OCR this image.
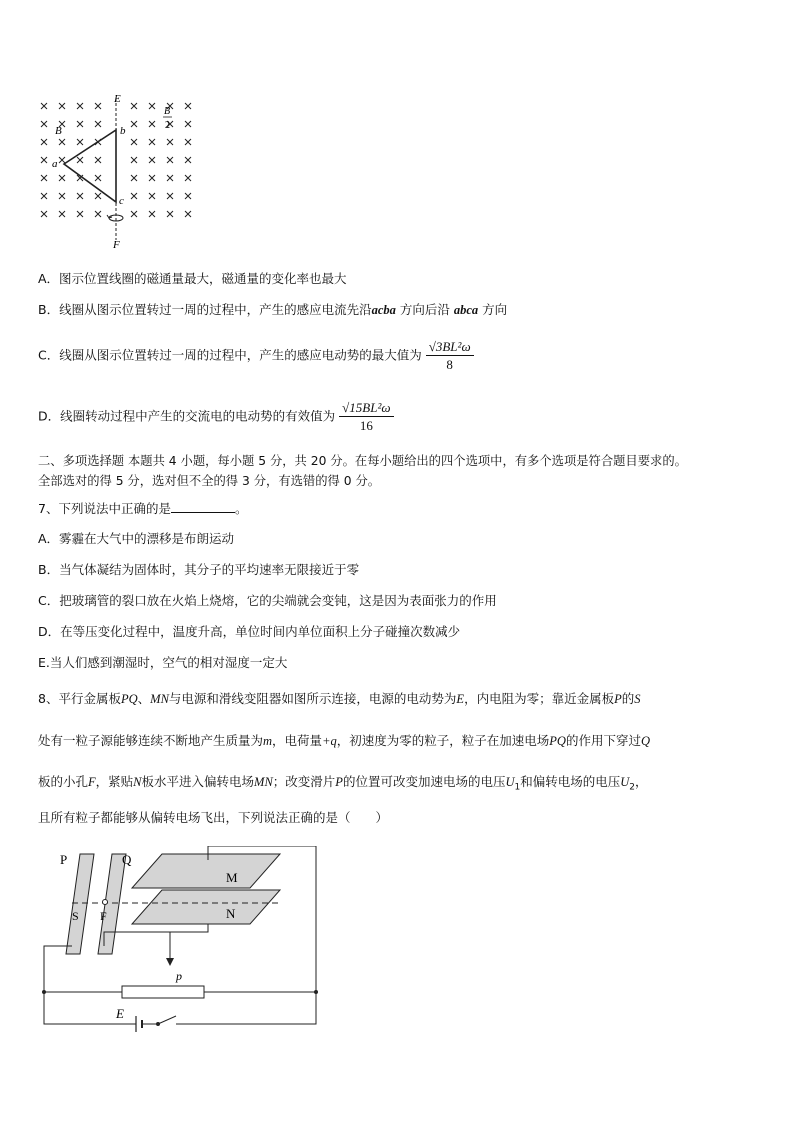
E
F
B
a
b
c
B
2
A．图示位置线圈的磁通量最大，磁通量的变化率也最大
B．线圈从图示位置转过一周的过程中，产生的感应电流先沿acba 方向后沿 abca 方向
C．线圈从图示位置转过一周的过程中，产生的感应电动势的最大值为 $\frac{\text{√3BL²ω}}{8}$
D．线圈转动过程中产生的交流电的电动势的有效值为 $\frac{\text{√15BL²ω}}{16}$
二、多项选择题 本题共 4 小题，每小题 5 分，共 20 分。在每小题给出的四个选项中，有多个选项是符合题目要求的。
全部选对的得 5 分，选对但不全的得 3 分，有选错的得 0 分。
7、下列说法中正确的是	。
A．雾霾在大气中的漂移是布朗运动
B．当气体凝结为固体时，其分子的平均速率无限接近于零
C．把玻璃管的裂口放在火焰上烧熔，它的尖端就会变钝，这是因为表面张力的作用
D．在等压变化过程中，温度升高，单位时间内单位面积上分子碰撞次数减少
E.当人们感到潮湿时，空气的相对湿度一定大
8、平行金属板PQ、MN与电源和滑线变阻器如图所示连接，电源的电动势为E，内电阻为零；靠近金属板P的S
处有一粒子源能够连续不断地产生质量为m，电荷量+q，初速度为零的粒子，粒子在加速电场PQ的作用下穿过Q
板的小孔F，紧贴N板水平进入偏转电场MN；改变滑片P的位置可改变加速电场的电压$U_1$和偏转电场的电压$U_2$，
且所有粒子都能够从偏转电场飞出，下列说法正确的是（　　）
P	Q
S F
M
N
p
E
